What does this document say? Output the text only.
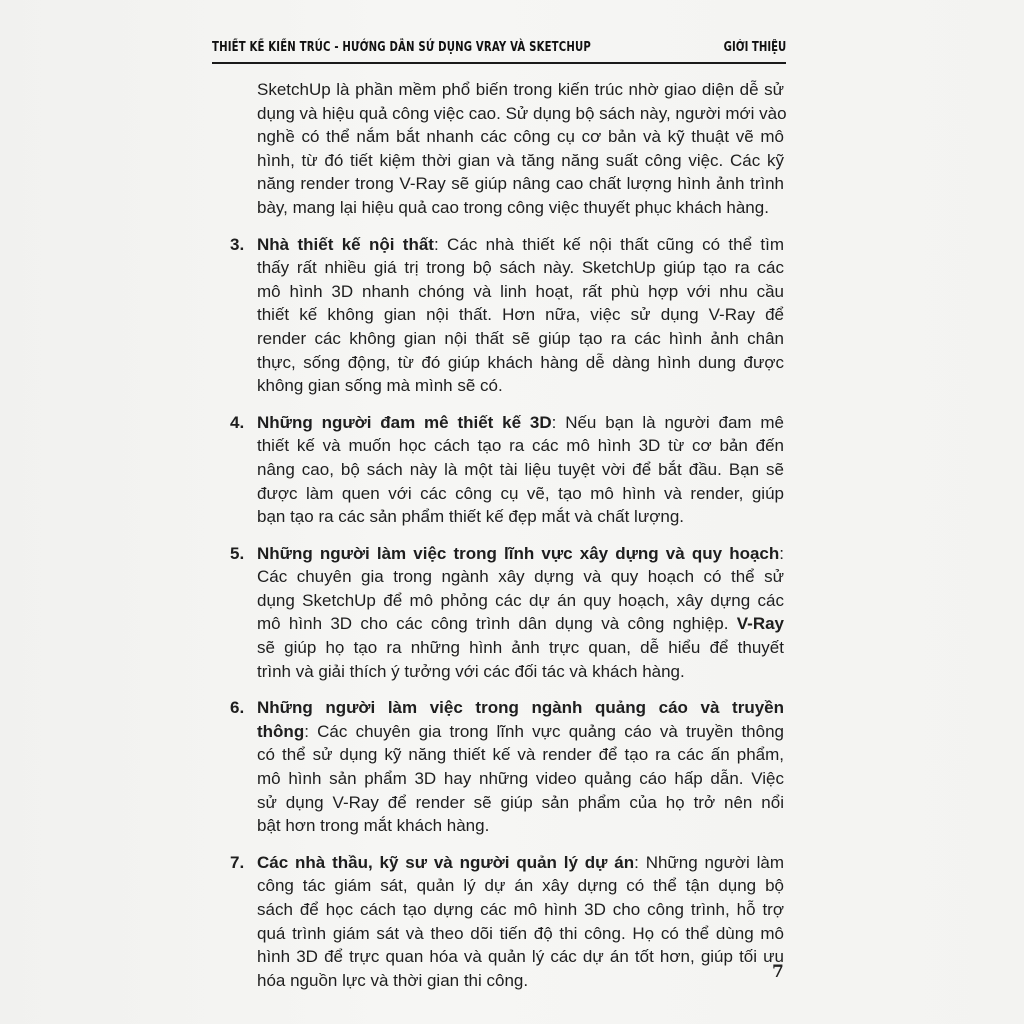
THIẾT KẾ KIẾN TRÚC - HƯỚNG DẪN SỬ DỤNG VRAY VÀ SKETCHUP	GIỚI THIỆU
SketchUp là phần mềm phổ biến trong kiến trúc nhờ giao diện dễ sử
dụng và hiệu quả công việc cao. Sử dụng bộ sách này, người mới vào
nghề có thể nắm bắt nhanh các công cụ cơ bản và kỹ thuật vẽ mô
hình, từ đó tiết kiệm thời gian và tăng năng suất công việc. Các kỹ
năng render trong V-Ray sẽ giúp nâng cao chất lượng hình ảnh trình
bày, mang lại hiệu quả cao trong công việc thuyết phục khách hàng.
3. Nhà thiết kế nội thất: Các nhà thiết kế nội thất cũng có thể tìm
thấy rất nhiều giá trị trong bộ sách này. SketchUp giúp tạo ra các
mô hình 3D nhanh chóng và linh hoạt, rất phù hợp với nhu cầu
thiết kế không gian nội thất. Hơn nữa, việc sử dụng V-Ray để
render các không gian nội thất sẽ giúp tạo ra các hình ảnh chân
thực, sống động, từ đó giúp khách hàng dễ dàng hình dung được
không gian sống mà mình sẽ có.
4. Những người đam mê thiết kế 3D: Nếu bạn là người đam mê
thiết kế và muốn học cách tạo ra các mô hình 3D từ cơ bản đến
nâng cao, bộ sách này là một tài liệu tuyệt vời để bắt đầu. Bạn sẽ
được làm quen với các công cụ vẽ, tạo mô hình và render, giúp
bạn tạo ra các sản phẩm thiết kế đẹp mắt và chất lượng.
5. Những người làm việc trong lĩnh vực xây dựng và quy hoạch:
Các chuyên gia trong ngành xây dựng và quy hoạch có thể sử
dụng SketchUp để mô phỏng các dự án quy hoạch, xây dựng các
mô hình 3D cho các công trình dân dụng và công nghiệp. V-Ray
sẽ giúp họ tạo ra những hình ảnh trực quan, dễ hiểu để thuyết
trình và giải thích ý tưởng với các đối tác và khách hàng.
6. Những người làm việc trong ngành quảng cáo và truyền
thông: Các chuyên gia trong lĩnh vực quảng cáo và truyền thông
có thể sử dụng kỹ năng thiết kế và render để tạo ra các ấn phẩm,
mô hình sản phẩm 3D hay những video quảng cáo hấp dẫn. Việc
sử dụng V-Ray để render sẽ giúp sản phẩm của họ trở nên nổi
bật hơn trong mắt khách hàng.
7. Các nhà thầu, kỹ sư và người quản lý dự án: Những người làm
công tác giám sát, quản lý dự án xây dựng có thể tận dụng bộ
sách để học cách tạo dựng các mô hình 3D cho công trình, hỗ trợ
quá trình giám sát và theo dõi tiến độ thi công. Họ có thể dùng mô
hình 3D để trực quan hóa và quản lý các dự án tốt hơn, giúp tối ưu
hóa nguồn lực và thời gian thi công.	7
